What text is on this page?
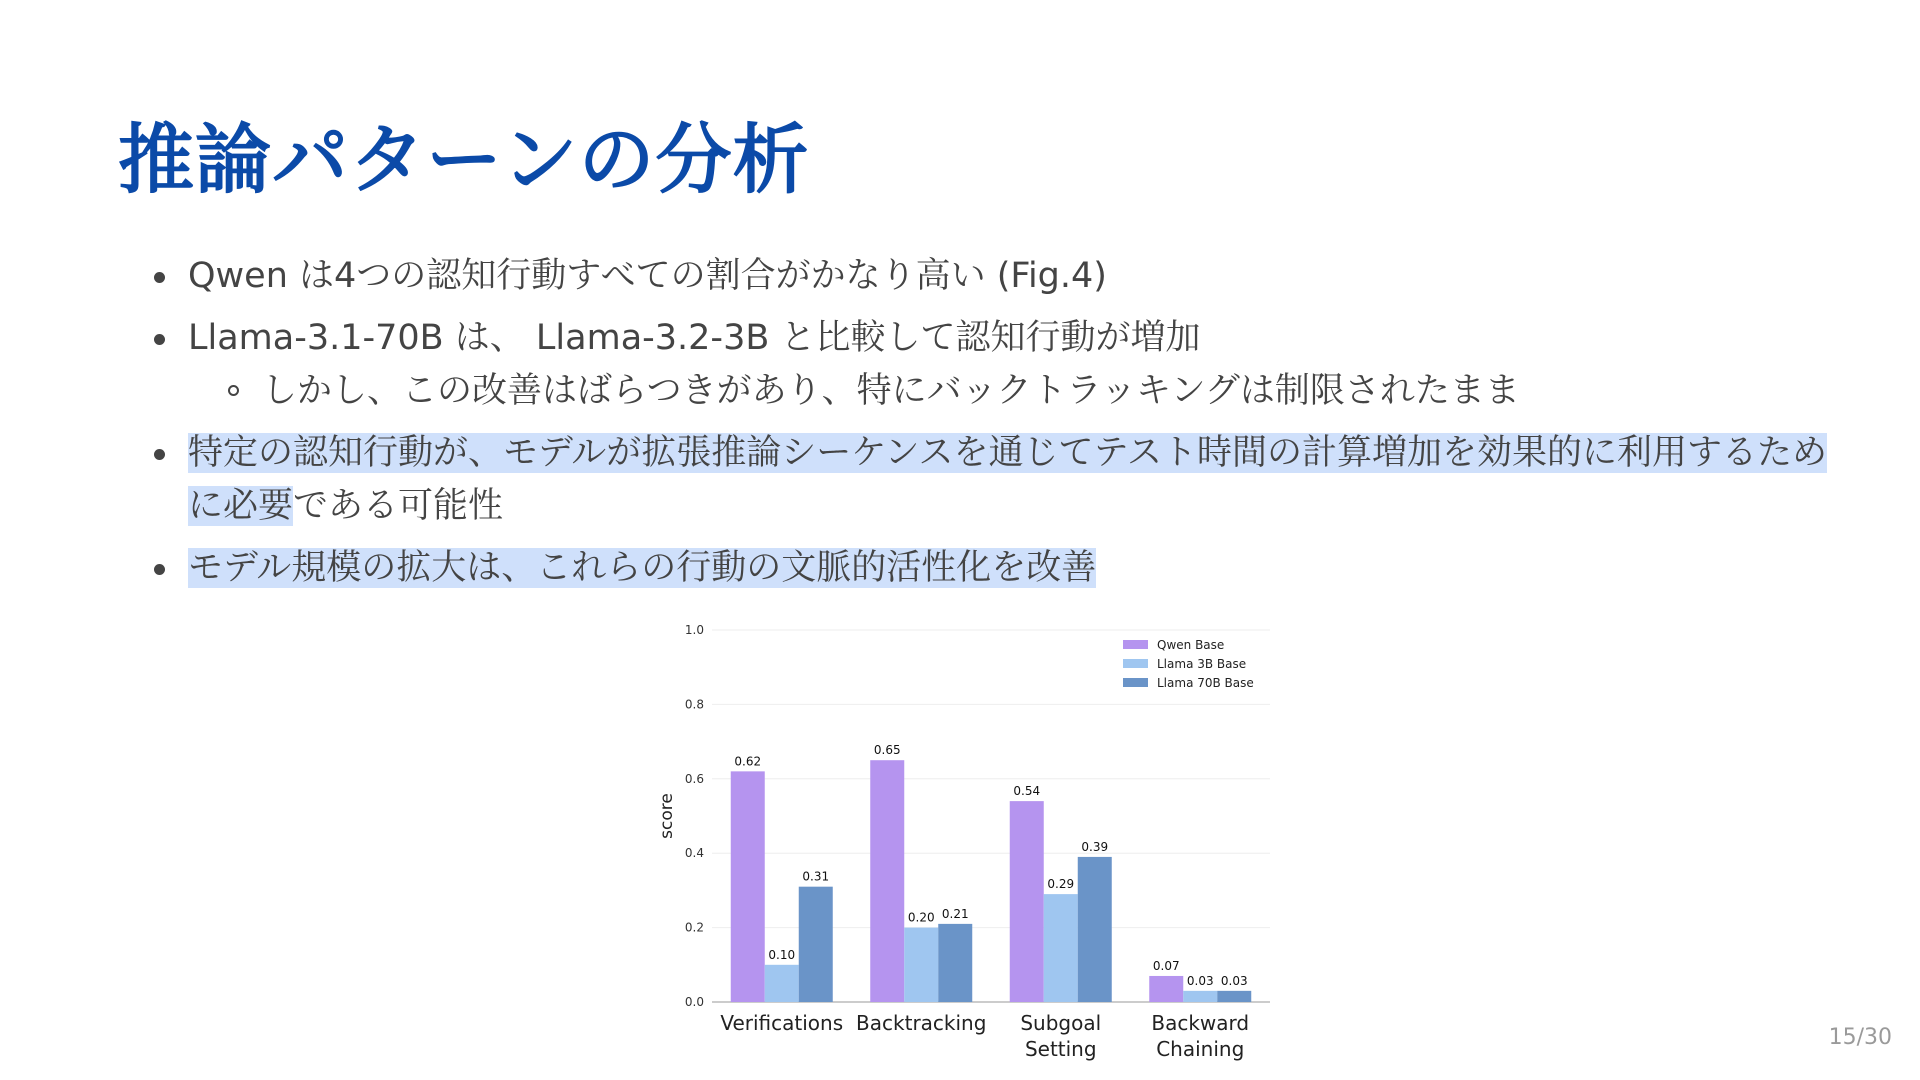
推論パターンの分析
Qwen は4つの認知行動すべての割合がかなり高い (Fig.4)
Llama-3.1-70B は、 Llama-3.2-3B と比較して認知行動が増加
しかし、この改善はばらつきがあり、特にバックトラッキングは制限されたまま
特定の認知行動が、モデルが拡張推論シーケンスを通じてテスト時間の計算増加を効果的に利用するために必要である可能性
モデル規模の拡大は、これらの行動の文脈的活性化を改善
0.0
0.2
0.4
0.6
0.8
1.0
score
0.62
0.10
0.31
Verifications
0.65
0.20 0.21
Backtracking
0.54
0.29
0.39
Subgoal
Setting
0.07
0.03 0.03
Backward
Chaining
Qwen Base
Llama 3B Base
Llama 70B Base
15/30
